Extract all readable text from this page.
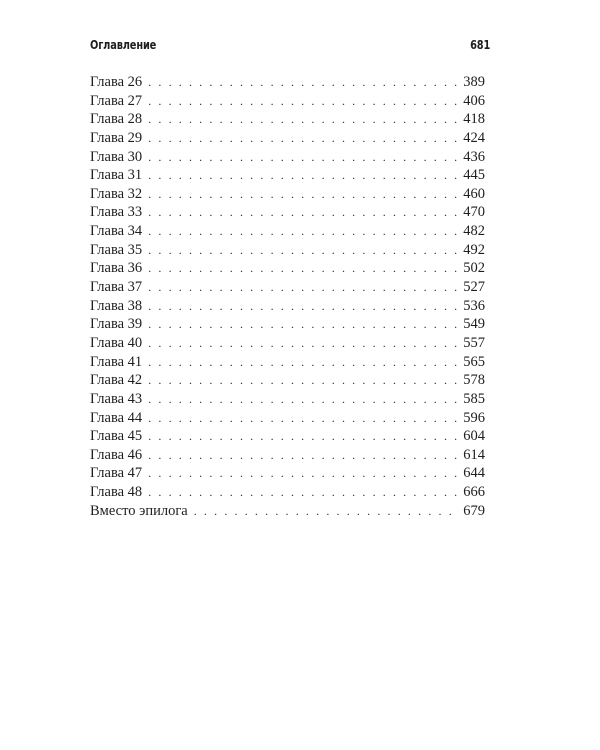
Оглавление	681
Глава 26 . . .	389
Глава 27 . . .	406
Глава 28 . . .	418
Глава 29 . . .	424
Глава 30 . . .	436
Глава 31 . . .	445
Глава 32 . . .	460
Глава 33 . . .	470
Глава 34 . . .	482
Глава 35 . . .	492
Глава 36 . . .	502
Глава 37 . . .	527
Глава 38 . . .	536
Глава 39 . . .	549
Глава 40 . . .	557
Глава 41 . . .	565
Глава 42 . . .	578
Глава 43 . . .	585
Глава 44 . . .	596
Глава 45 . . .	604
Глава 46 . . .	614
Глава 47 . . .	644
Глава 48 . . .	666
Вместо эпилога . . .	679
